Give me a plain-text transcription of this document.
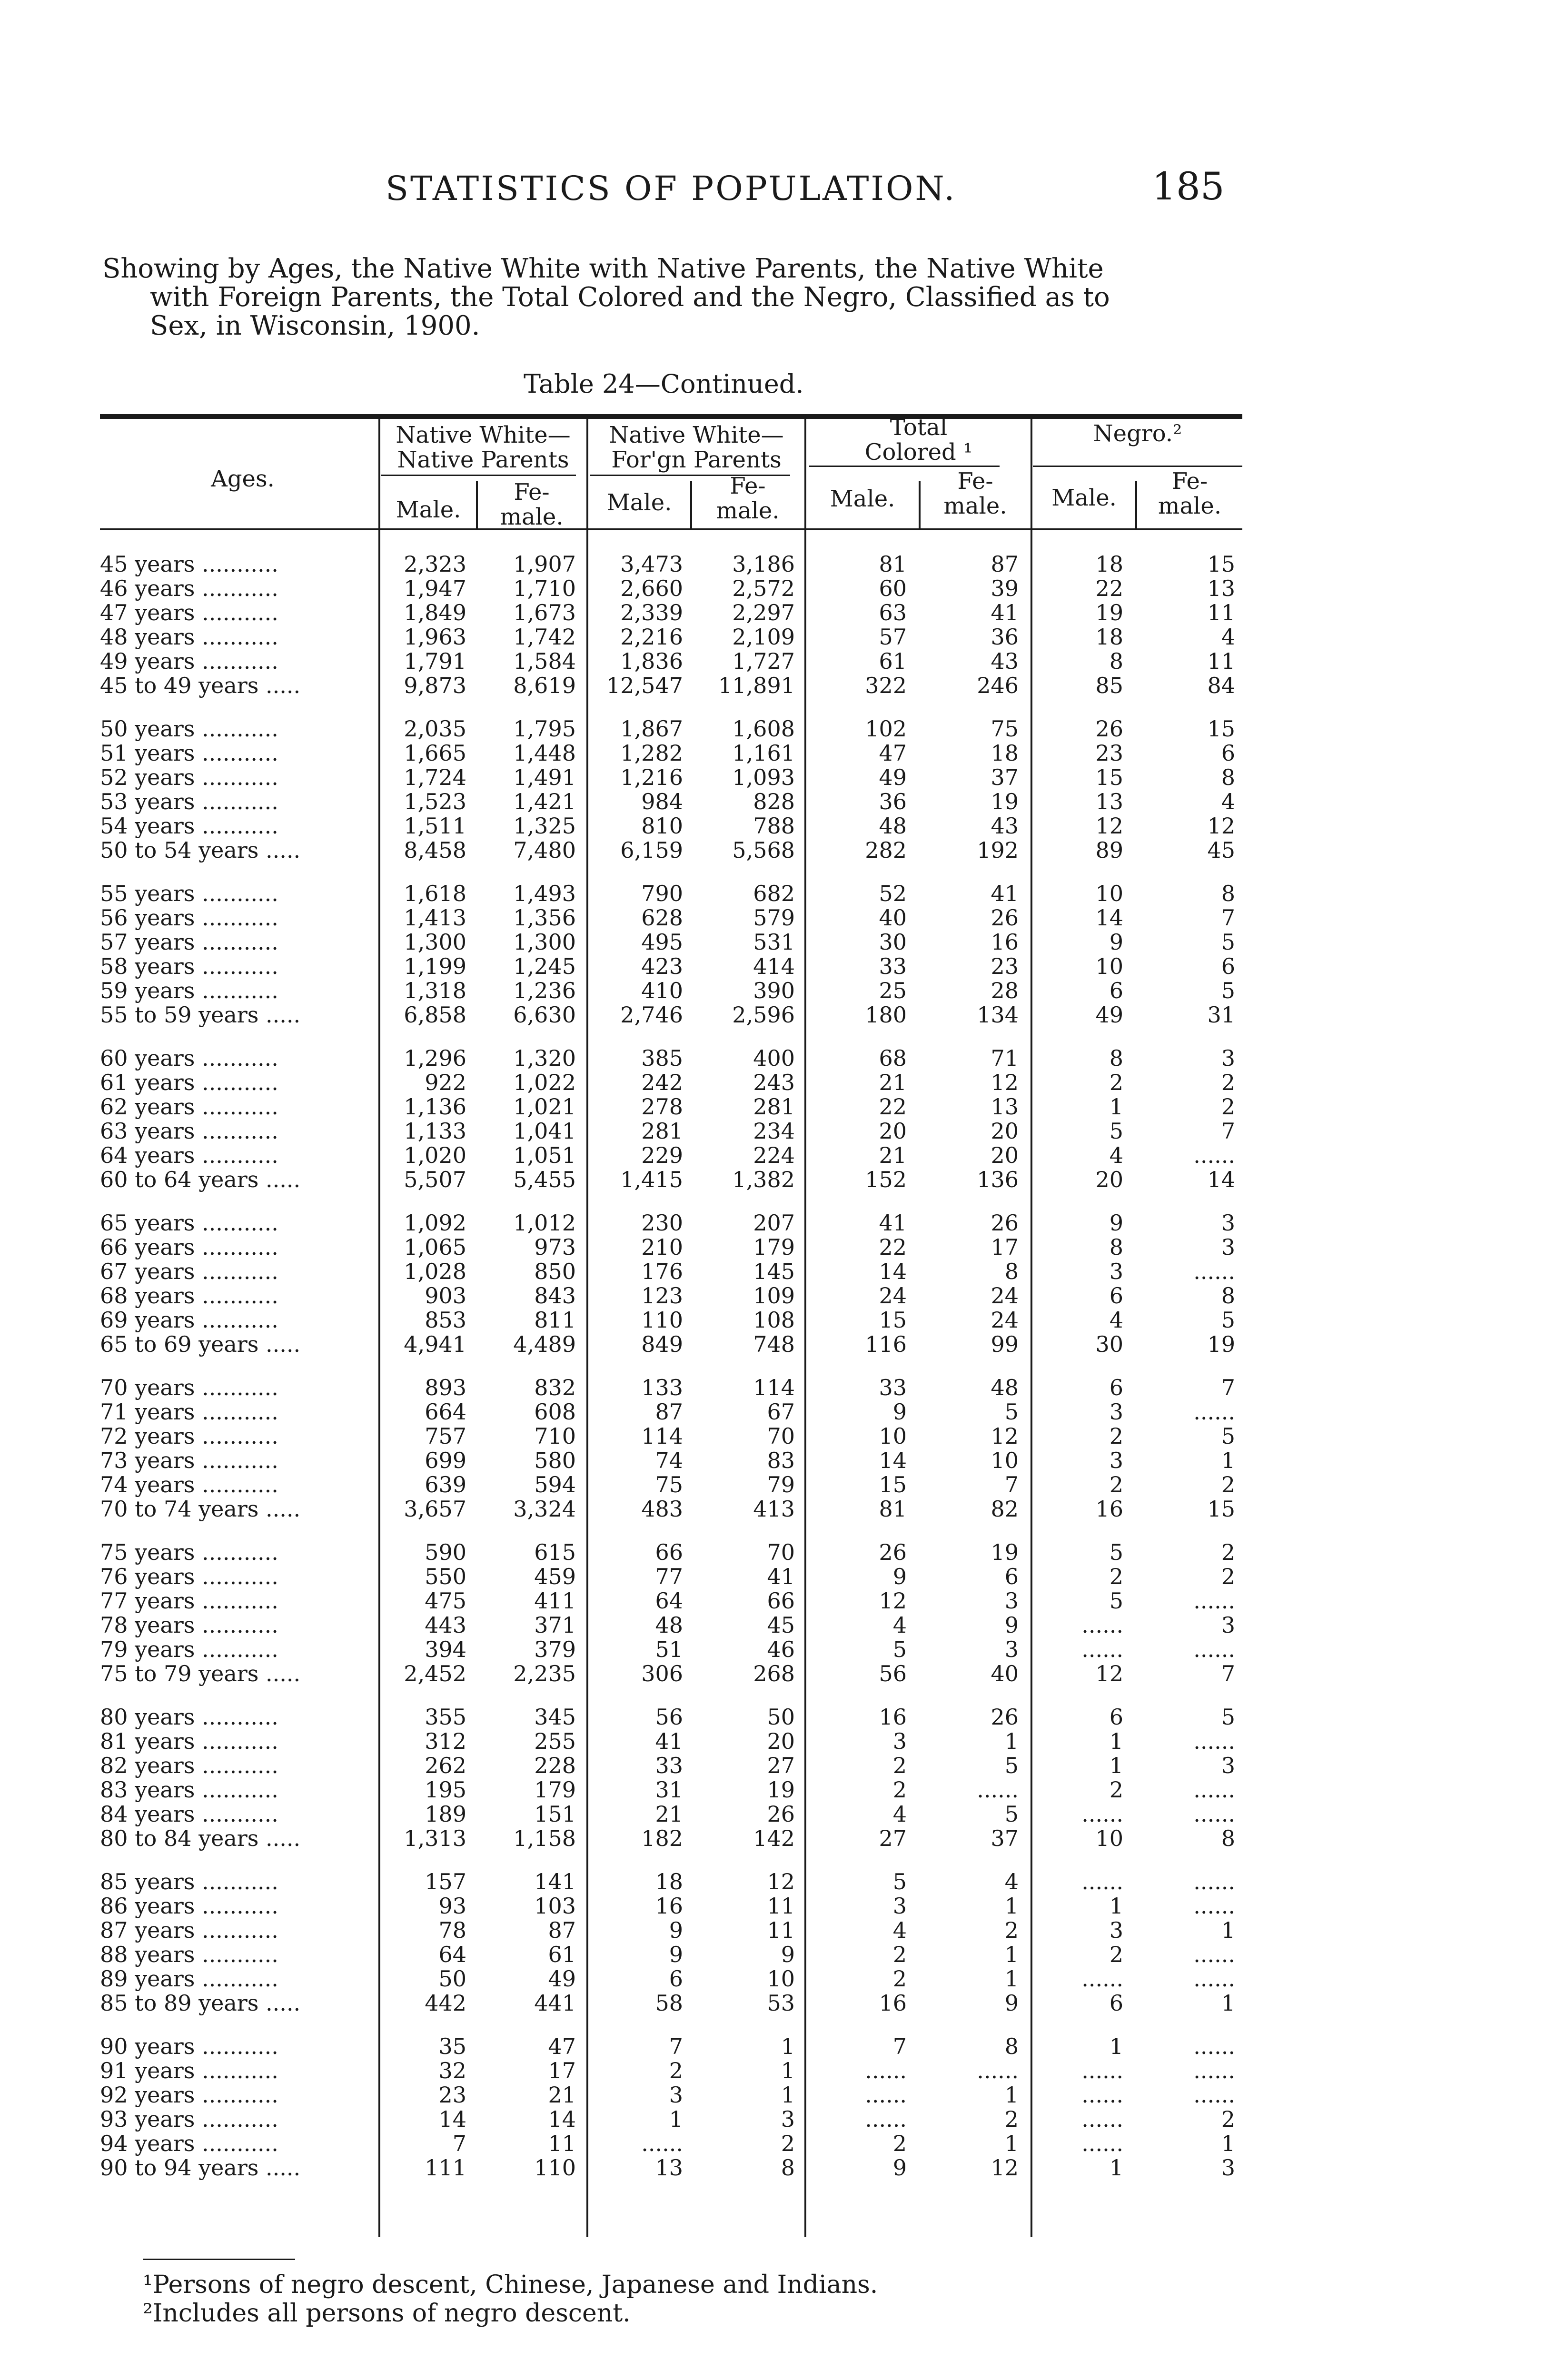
STATISTICS OF POPULATION.	185
Showing by Ages, the Native White with Native Parents, the Native White
with Foreign Parents, the Total Colored and the Negro, Classified as to
Sex, in Wisconsin, 1900.
Table 24—Continued.
Ages.
Native White—
Native Parents
Native White—
For'gn Parents
Total
Colored ¹
Negro.²
Male.
Fe-
male.
Male.
Fe-
male.	Male.
Fe-
male.	Male.
Fe-
male.
45 years ...........	2,323	1,907	3,473	3,186	81	87	18	15
46 years ...........	1,947	1,710	2,660	2,572	60	39	22	13
47 years ...........	1,849	1,673	2,339	2,297	63	41	19	11
48 years ...........	1,963	1,742	2,216	2,109	57	36	18	4
49 years ...........	1,791	1,584	1,836	1,727	61	43	8	11
45 to 49 years .....	9,873	8,619	12,547	11,891	322	246	85	84

50 years ...........	2,035	1,795	1,867	1,608	102	75	26	15
51 years ...........	1,665	1,448	1,282	1,161	47	18	23	6
52 years ...........	1,724	1,491	1,216	1,093	49	37	15	8
53 years ...........	1,523	1,421	984	828	36	19	13	4
54 years ...........	1,511	1,325	810	788	48	43	12	12
50 to 54 years .....	8,458	7,480	6,159	5,568	282	192	89	45

55 years ...........	1,618	1,493	790	682	52	41	10	8
56 years ...........	1,413	1,356	628	579	40	26	14	7
57 years ...........	1,300	1,300	495	531	30	16	9	5
58 years ...........	1,199	1,245	423	414	33	23	10	6
59 years ...........	1,318	1,236	410	390	25	28	6	5
55 to 59 years .....	6,858	6,630	2,746	2,596	180	134	49	31

60 years ...........	1,296	1,320	385	400	68	71	8	3
61 years ...........	922	1,022	242	243	21	12	2	2
62 years ...........	1,136	1,021	278	281	22	13	1	2
63 years ...........	1,133	1,041	281	234	20	20	5	7
64 years ...........	1,020	1,051	229	224	21	20	4	......
60 to 64 years .....	5,507	5,455	1,415	1,382	152	136	20	14

65 years ...........	1,092	1,012	230	207	41	26	9	3
66 years ...........	1,065	973	210	179	22	17	8	3
67 years ...........	1,028	850	176	145	14	8	3	......
68 years ...........	903	843	123	109	24	24	6	8
69 years ...........	853	811	110	108	15	24	4	5
65 to 69 years .....	4,941	4,489	849	748	116	99	30	19

70 years ...........	893	832	133	114	33	48	6	7
71 years ...........	664	608	87	67	9	5	3	......
72 years ...........	757	710	114	70	10	12	2	5
73 years ...........	699	580	74	83	14	10	3	1
74 years ...........	639	594	75	79	15	7	2	2
70 to 74 years .....	3,657	3,324	483	413	81	82	16	15

75 years ...........	590	615	66	70	26	19	5	2
76 years ...........	550	459	77	41	9	6	2	2
77 years ...........	475	411	64	66	12	3	5	......
78 years ...........	443	371	48	45	4	9	......	3
79 years ...........	394	379	51	46	5	3	......	......
75 to 79 years .....	2,452	2,235	306	268	56	40	12	7

80 years ...........	355	345	56	50	16	26	6	5
81 years ...........	312	255	41	20	3	1	1	......
82 years ...........	262	228	33	27	2	5	1	3
83 years ...........	195	179	31	19	2	......	2	......
84 years ...........	189	151	21	26	4	5	......	......
80 to 84 years .....	1,313	1,158	182	142	27	37	10	8

85 years ...........	157	141	18	12	5	4	......	......
86 years ...........	93	103	16	11	3	1	1	......
87 years ...........	78	87	9	11	4	2	3	1
88 years ...........	64	61	9	9	2	1	2	......
89 years ...........	50	49	6	10	2	1	......	......
85 to 89 years .....	442	441	58	53	16	9	6	1

90 years ...........	35	47	7	1	7	8	1	......
91 years ...........	32	17	2	1	......	......	......	......
92 years ...........	23	21	3	1	......	1	......	......
93 years ...........	14	14	1	3	......	2	......	2
94 years ...........	7	11	......	2	2	1	......	1
90 to 94 years .....	111	110	13	8	9	12	1	3
¹Persons of negro descent, Chinese, Japanese and Indians.
²Includes all persons of negro descent.
